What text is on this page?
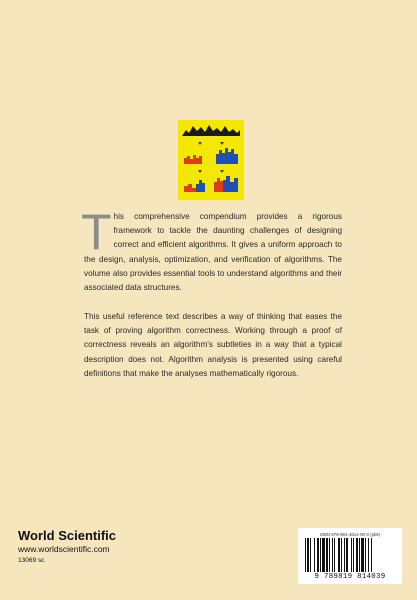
This comprehensive compendium provides a rigorous framework to tackle the daunting challenges of designing correct and efficient algorithms. It gives a uniform approach to the design, analysis, optimization, and verification of algorithms. The volume also provides essential tools to understand algorithms and their associated data structures.

This useful reference text describes a way of thinking that eases the task of proving algorithm correctness. Working through a proof of correctness reveals an algorithm's subtleties in a way that a typical description does not. Algorithm analysis is presented using careful definitions that make the analyses mathematically rigorous.

World Scientific
www.worldscientific.com
13069 sc
ISBN 978-981-4614-00-0 (pbk)
9 789819 814039
